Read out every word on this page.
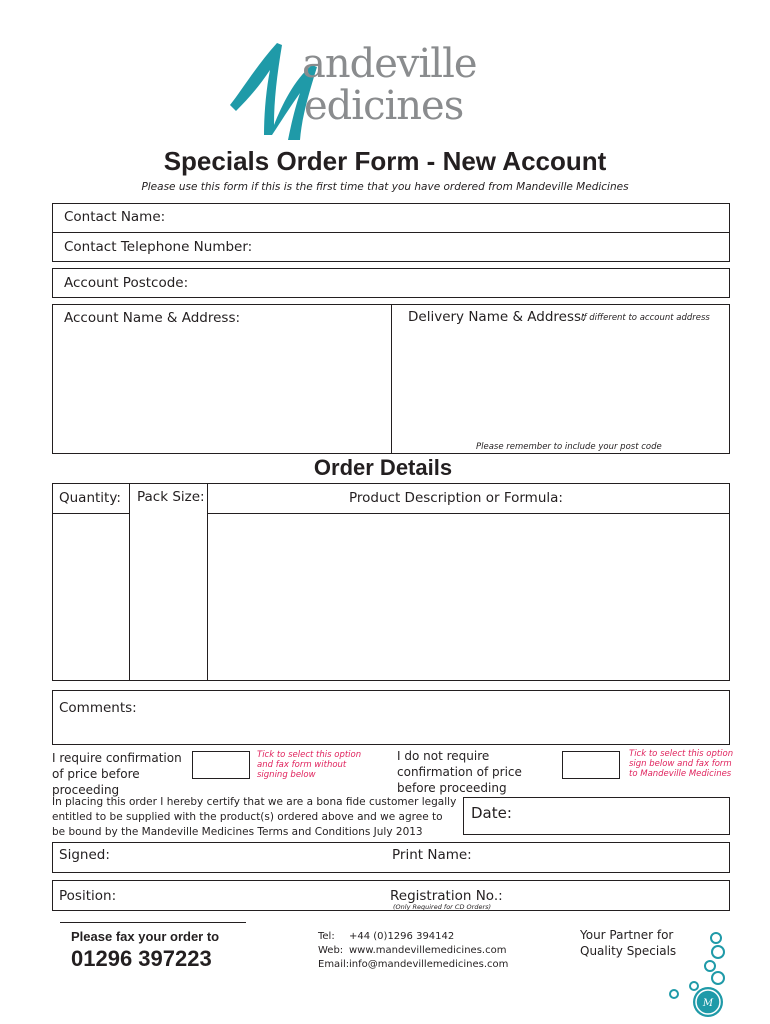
andeville
edicines
Specials Order Form - New Account
Please use this form if this is the first time that you have ordered from Mandeville Medicines
Contact Name:
Contact Telephone Number:
Account Postcode:
Account Name & Address:	Delivery Name & Address:
If different to account address
Please remember to include your post code
Order Details
Quantity: Pack Size:	Product Description or Formula:
Comments:
I require confirmation of price before proceeding
Tick to select this option and fax form without signing below
I do not require confirmation of price before proceeding
Tick to select this option sign below and fax form to Mandeville Medicines
In placing this order I hereby certify that we are a bona fide customer legally entitled to be supplied with the product(s) ordered above and we agree to be bound by the Mandeville Medicines Terms and Conditions July 2013
Date:
Signed:	Print Name:
Position:	Registration No.:
(Only Required for CD Orders)
Please fax your order to
01296 397223
Tel: +44 (0)1296 394142
Web: www.mandevillemedicines.com
Email: info@mandevillemedicines.com
Your Partner for
Quality Specials
M
